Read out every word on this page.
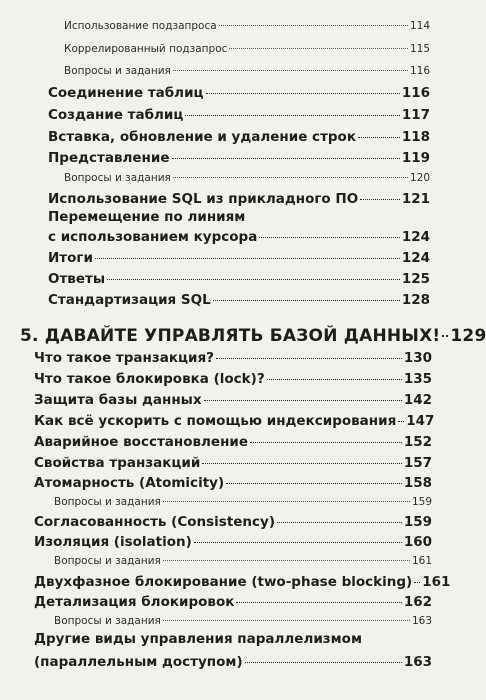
Использование подзапроса	114
Коррелированный подзапрос	115
Вопросы и задания	116
Соединение таблиц	116
Создание таблиц	117
Вставка, обновление и удаление строк	118
Представление	119
Вопросы и задания	120
Использование SQL из прикладного ПО	121
Перемещение по линиям
с использованием курсора	124
Итоги	124
Ответы	125
Стандартизация SQL	128
5. ДАВАЙТЕ УПРАВЛЯТЬ БАЗОЙ ДАННЫХ! 129
Что такое транзакция?	130
Что такое блокировка (lock)?	135
Защита базы данных	142
Как всё ускорить с помощью индексирования 147
Аварийное восстановление	152
Свойства транзакций	157
Атомарность (Atomicity)	158
Вопросы и задания	159
Согласованность (Consistency)	159
Изоляция (isolation)	160
Вопросы и задания	161
Двухфазное блокирование (two-phase blocking) 161
Детализация блокировок	162
Вопросы и задания	163
Другие виды управления параллелизмом
(параллельным доступом)	163
